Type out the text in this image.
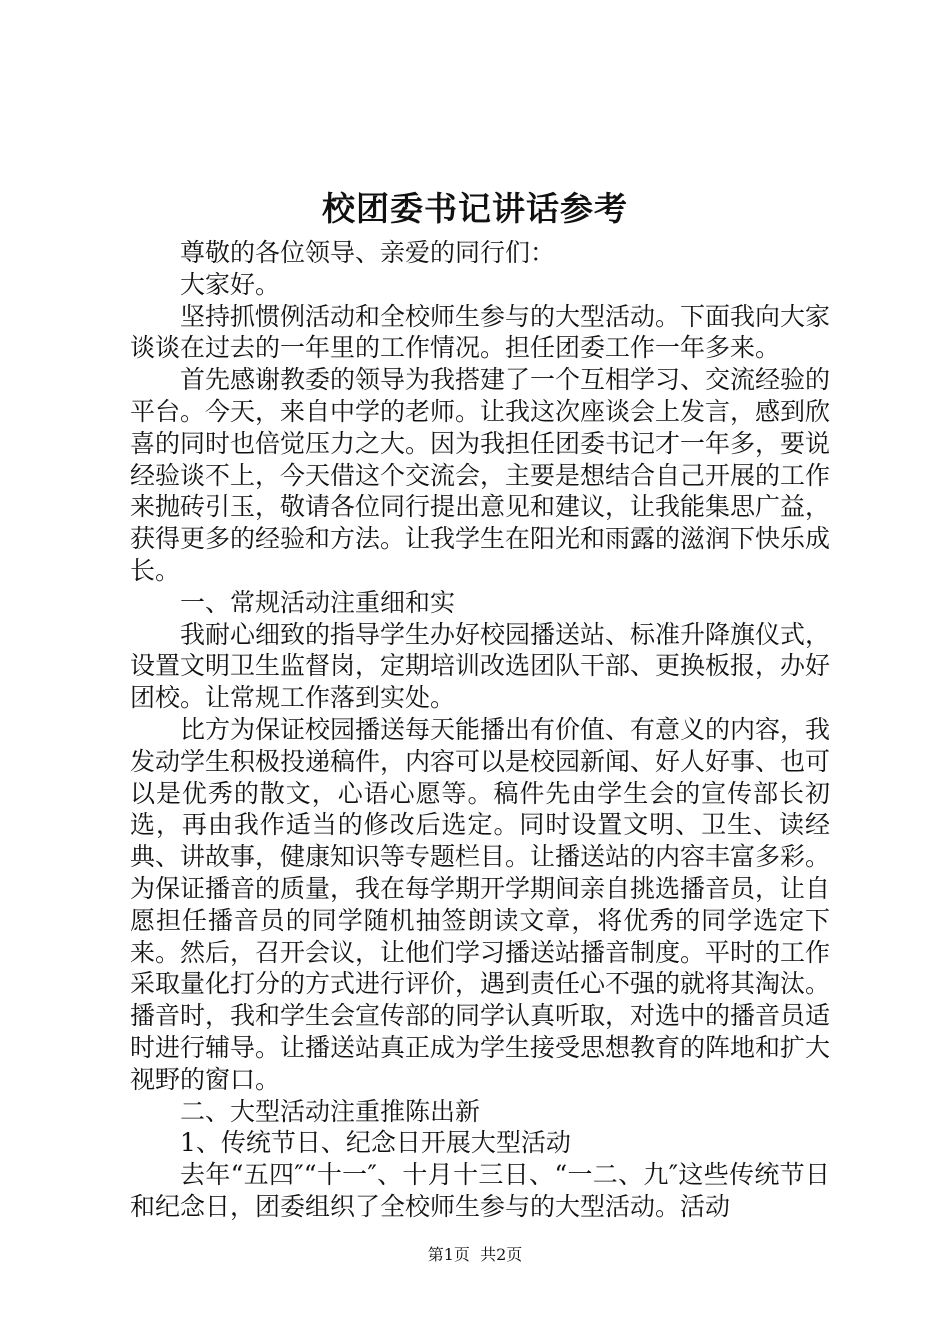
校团委书记讲话参考

尊敬的各位领导、亲爱的同行们：

大家好。

坚持抓惯例活动和全校师生参与的大型活动。下面我向大家谈谈在过去的一年里的工作情况。担任团委工作一年多来。

首先感谢教委的领导为我搭建了一个互相学习、交流经验的平台。今天，来自中学的老师。让我这次座谈会上发言，感到欣喜的同时也倍觉压力之大。因为我担任团委书记才一年多，要说经验谈不上，今天借这个交流会，主要是想结合自己开展的工作来抛砖引玉，敬请各位同行提出意见和建议，让我能集思广益，获得更多的经验和方法。让我学生在阳光和雨露的滋润下快乐成长。

一、常规活动注重细和实

我耐心细致的指导学生办好校园播送站、标准升降旗仪式，设置文明卫生监督岗，定期培训改选团队干部、更换板报，办好团校。让常规工作落到实处。

比方为保证校园播送每天能播出有价值、有意义的内容，我发动学生积极投递稿件，内容可以是校园新闻、好人好事、也可以是优秀的散文，心语心愿等。稿件先由学生会的宣传部长初选，再由我作适当的修改后选定。同时设置文明、卫生、读经典、讲故事，健康知识等专题栏目。让播送站的内容丰富多彩。为保证播音的质量，我在每学期开学期间亲自挑选播音员，让自愿担任播音员的同学随机抽签朗读文章，将优秀的同学选定下来。然后，召开会议，让他们学习播送站播音制度。平时的工作采取量化打分的方式进行评价，遇到责任心不强的就将其淘汰。播音时，我和学生会宣传部的同学认真听取，对选中的播音员适时进行辅导。让播送站真正成为学生接受思想教育的阵地和扩大视野的窗口。

二、大型活动注重推陈出新

1、传统节日、纪念日开展大型活动

去年“五四″“十一″、十月十三日、“一二、九″这些传统节日和纪念日，团委组织了全校师生参与的大型活动。活动

第1页  共2页
